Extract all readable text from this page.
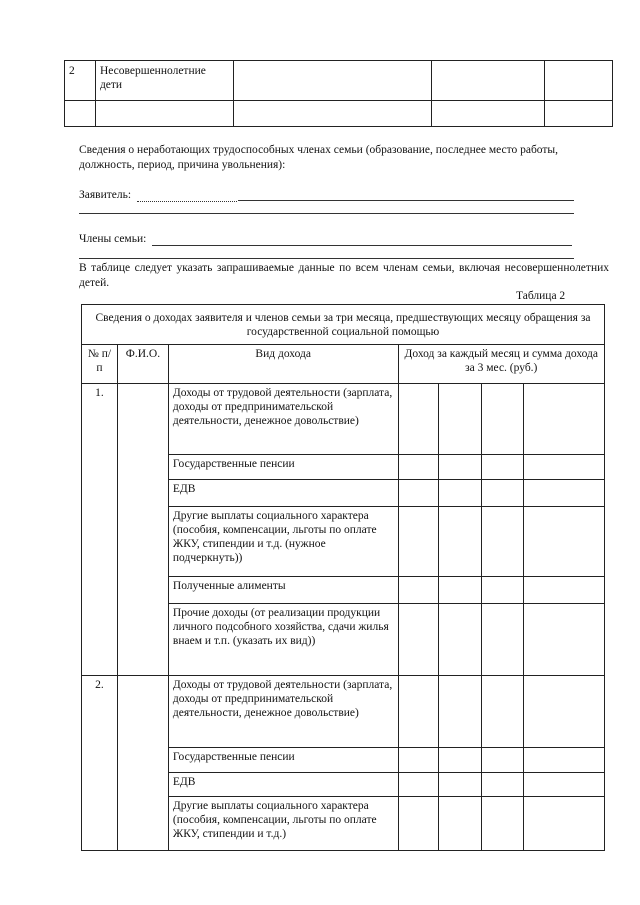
2	Несовершеннолетние дети			

Сведения о неработающих трудоспособных членах семьи (образование, последнее место работы, должность, период, причина увольнения):
Заявитель:
Члены семьи:
В таблице следует указать запрашиваемые данные по всем членам семьи, включая несовершеннолетних детей.
Таблица 2
Сведения о доходах заявителя и членов семьи за три месяца, предшествующих месяцу обращения за государственной социальной помощью						
№ п/п	Ф.И.О.	Вид дохода	Доход за каждый месяц и сумма дохода за 3 мес. (руб.)			
1.		Доходы от трудовой деятельности (зарплата, доходы от предпринимательской деятельности, денежное довольствие)				
		Государственные пенсии				
		ЕДВ				
		Другие выплаты социального характера (пособия, компенсации, льготы по оплате ЖКУ, стипендии и т.д. (нужное подчеркнуть))				
		Полученные алименты				
		Прочие доходы (от реализации продукции личного подсобного хозяйства, сдачи жилья внаем и т.п. (указать их вид))				
2.		Доходы от трудовой деятельности (зарплата, доходы от предпринимательской деятельности, денежное довольствие)				
		Государственные пенсии				
		ЕДВ				
		Другие выплаты социального характера (пособия, компенсации, льготы по оплате ЖКУ, стипендии и т.д.)				
